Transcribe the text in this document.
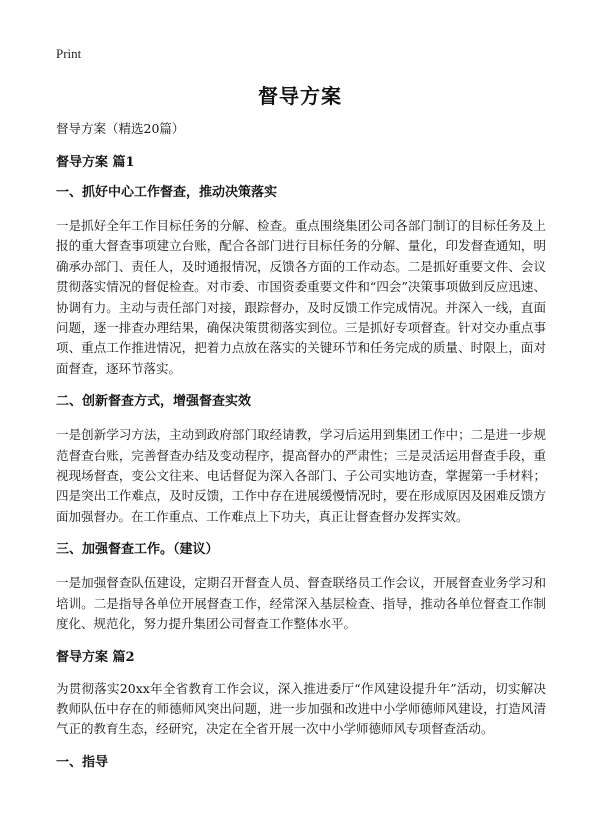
Print
督导方案

督导方案（精选20篇）

督导方案 篇1

一、抓好中心工作督查，推动决策落实

一是抓好全年工作目标任务的分解、检查。重点围绕集团公司各部门制订的目标任务及上报的重大督查事项建立台账，配合各部门进行目标任务的分解、量化，印发督查通知，明确承办部门、责任人，及时通报情况，反馈各方面的工作动态。二是抓好重要文件、会议贯彻落实情况的督促检查。对市委、市国资委重要文件和“四会”决策事项做到反应迅速、协调有力。主动与责任部门对接，跟踪督办，及时反馈工作完成情况。并深入一线，直面问题，逐一排查办理结果，确保决策贯彻落实到位。三是抓好专项督查。针对交办重点事项、重点工作推进情况，把着力点放在落实的关键环节和任务完成的质量、时限上，面对面督查，逐环节落实。

二、创新督查方式，增强督查实效

一是创新学习方法，主动到政府部门取经请教，学习后运用到集团工作中；二是进一步规范督查台账，完善督查办结及变动程序，提高督办的严肃性；三是灵活运用督查手段，重视现场督查，变公文往来、电话督促为深入各部门、子公司实地访查，掌握第一手材料；四是突出工作难点，及时反馈，工作中存在进展缓慢情况时，要在形成原因及困难反馈方面加强督办。在工作重点、工作难点上下功夫，真正让督查督办发挥实效。

三、加强督查工作。（建议）

一是加强督查队伍建设，定期召开督查人员、督查联络员工作会议，开展督查业务学习和培训。二是指导各单位开展督查工作，经常深入基层检查、指导，推动各单位督查工作制度化、规范化，努力提升集团公司督查工作整体水平。

督导方案 篇2

为贯彻落实20xx年全省教育工作会议，深入推进委厅“作风建设提升年”活动，切实解决教师队伍中存在的师德师风突出问题，进一步加强和改进中小学师德师风建设，打造风清气正的教育生态，经研究，决定在全省开展一次中小学师德师风专项督查活动。

一、指导
